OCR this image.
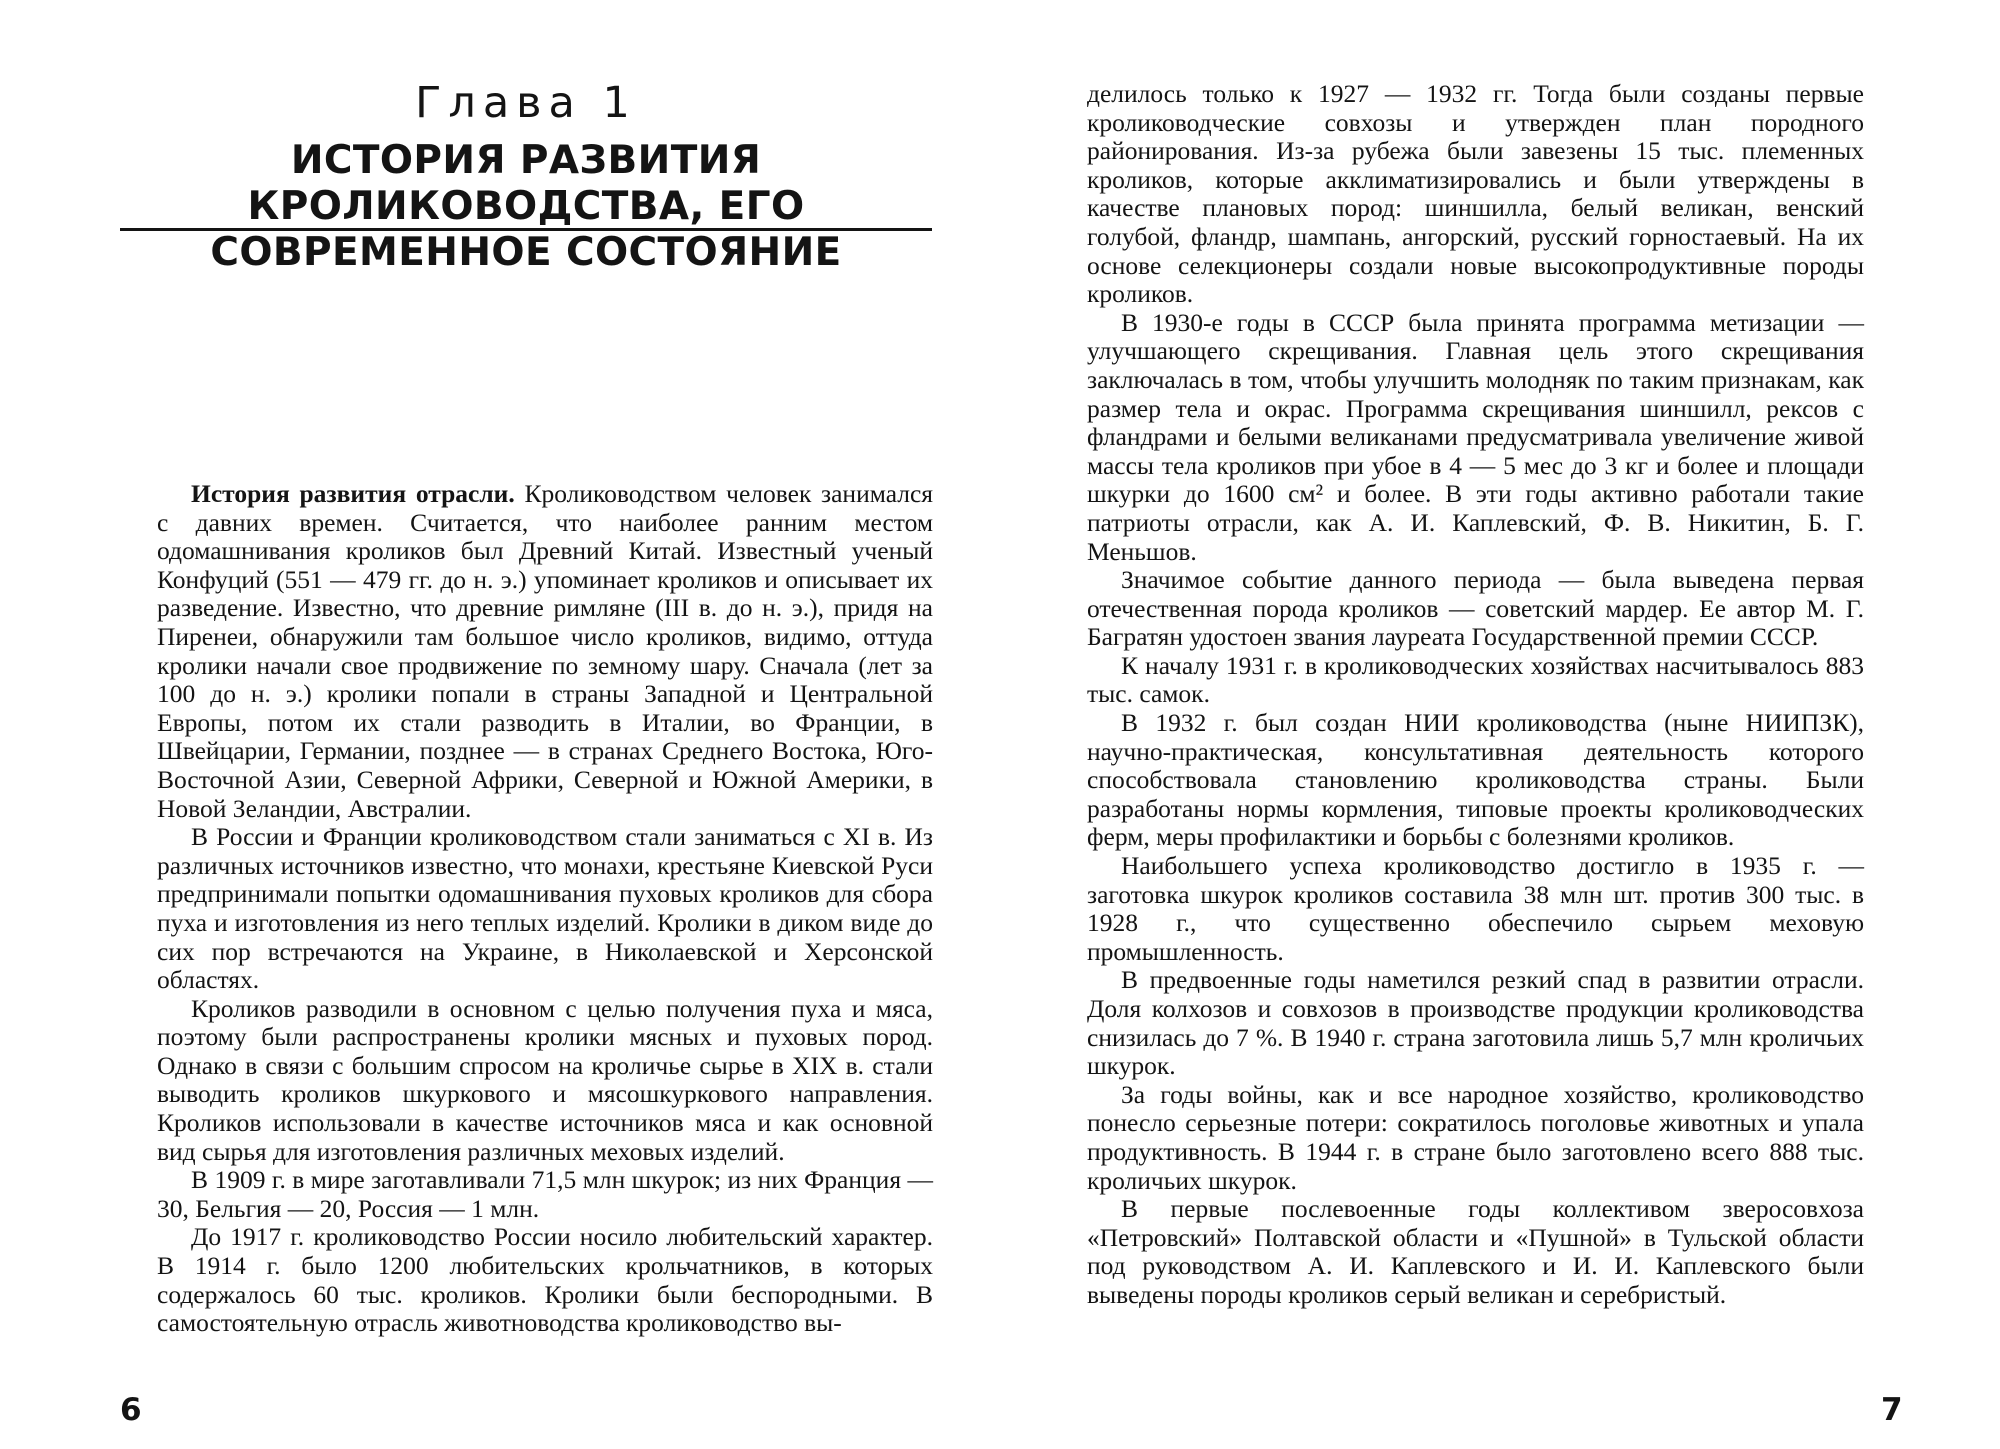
Глава 1
ИСТОРИЯ РАЗВИТИЯ КРОЛИКОВОДСТВА, ЕГО СОВРЕМЕННОЕ СОСТОЯНИЕ

История развития отрасли. Кролиководством человек занимался с давних времен. Считается, что наиболее ранним местом одомашнивания кроликов был Древний Китай. Известный ученый Конфуций (551 — 479 гг. до н. э.) упоминает кроликов и описывает их разведение. Известно, что древние римляне (III в. до н. э.), придя на Пиренеи, обнаружили там большое число кроликов, видимо, оттуда кролики начали свое продвижение по земному шару. Сначала (лет за 100 до н. э.) кролики попали в страны Западной и Центральной Европы, потом их стали разводить в Италии, во Франции, в Швейцарии, Германии, позднее — в странах Среднего Востока, Юго-Восточной Азии, Северной Африки, Северной и Южной Америки, в Новой Зеландии, Австралии.

В России и Франции кролиководством стали заниматься с XI в. Из различных источников известно, что монахи, крестьяне Киевской Руси предпринимали попытки одомашнивания пуховых кроликов для сбора пуха и изготовления из него теплых изделий. Кролики в диком виде до сих пор встречаются на Украине, в Николаевской и Херсонской областях.

Кроликов разводили в основном с целью получения пуха и мяса, поэтому были распространены кролики мясных и пуховых пород. Однако в связи с большим спросом на кроличье сырье в XIX в. стали выводить кроликов шкуркового и мясошкуркового направления. Кроликов использовали в качестве источников мяса и как основной вид сырья для изготовления различных меховых изделий.

В 1909 г. в мире заготавливали 71,5 млн шкурок; из них Франция — 30, Бельгия — 20, Россия — 1 млн.

До 1917 г. кролиководство России носило любительский характер. В 1914 г. было 1200 любительских крольчатников, в которых содержалось 60 тыс. кроликов. Кролики были беспородными. В самостоятельную отрасль животноводства кролиководство вы-

6

делилось только к 1927 — 1932 гг. Тогда были созданы первые кролиководческие совхозы и утвержден план породного районирования. Из-за рубежа были завезены 15 тыс. племенных кроликов, которые акклиматизировались и были утверждены в качестве плановых пород: шиншилла, белый великан, венский голубой, фландр, шампань, ангорский, русский горностаевый. На их основе селекционеры создали новые высокопродуктивные породы кроликов.

В 1930-е годы в СССР была принята программа метизации — улучшающего скрещивания. Главная цель этого скрещивания заключалась в том, чтобы улучшить молодняк по таким признакам, как размер тела и окрас. Программа скрещивания шиншилл, рексов с фландрами и белыми великанами предусматривала увеличение живой массы тела кроликов при убое в 4 — 5 мес до 3 кг и более и площади шкурки до 1600 см² и более. В эти годы активно работали такие патриоты отрасли, как А. И. Каплевский, Ф. В. Никитин, Б. Г. Меньшов.

Значимое событие данного периода — была выведена первая отечественная порода кроликов — советский мардер. Ее автор М. Г. Багратян удостоен звания лауреата Государственной премии СССР.

К началу 1931 г. в кролиководческих хозяйствах насчитывалось 883 тыс. самок.

В 1932 г. был создан НИИ кролиководства (ныне НИИПЗК), научно-практическая, консультативная деятельность которого способствовала становлению кролиководства страны. Были разработаны нормы кормления, типовые проекты кролиководческих ферм, меры профилактики и борьбы с болезнями кроликов.

Наибольшего успеха кролиководство достигло в 1935 г. — заготовка шкурок кроликов составила 38 млн шт. против 300 тыс. в 1928 г., что существенно обеспечило сырьем меховую промышленность.

В предвоенные годы наметился резкий спад в развитии отрасли. Доля колхозов и совхозов в производстве продукции кролиководства снизилась до 7 %. В 1940 г. страна заготовила лишь 5,7 млн кроличьих шкурок.

За годы войны, как и все народное хозяйство, кролиководство понесло серьезные потери: сократилось поголовье животных и упала продуктивность. В 1944 г. в стране было заготовлено всего 888 тыс. кроличьих шкурок.

В первые послевоенные годы коллективом зверосовхоза «Петровский» Полтавской области и «Пушной» в Тульской области под руководством А. И. Каплевского и И. И. Каплевского были выведены породы кроликов серый великан и серебристый.

7
